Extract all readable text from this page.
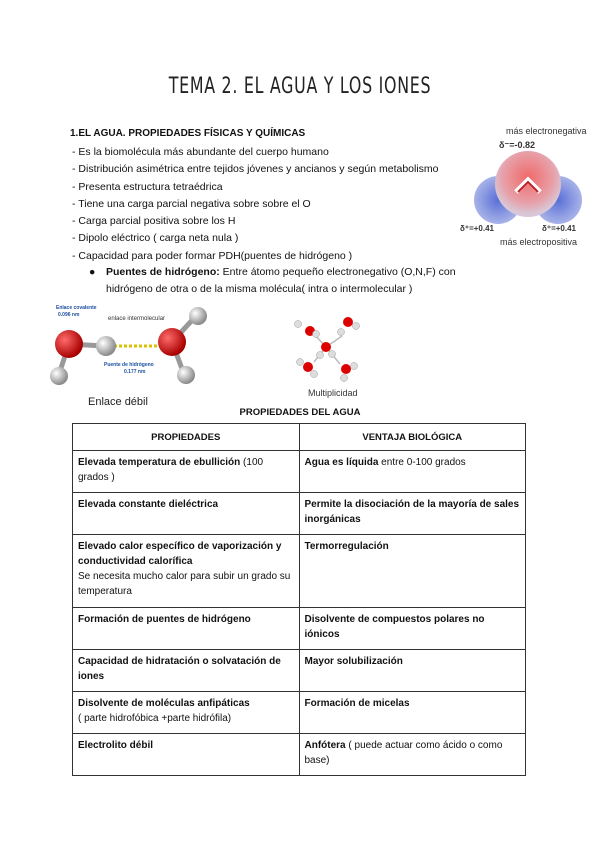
TEMA 2. EL AGUA Y LOS IONES
1.EL AGUA. PROPIEDADES FÍSICAS Y QUÍMICAS
- Es la biomolécula más abundante del cuerpo humano
- Distribución asimétrica entre tejidos jóvenes y ancianos y según metabolismo
- Presenta estructura tetraédrica
- Tiene una carga parcial negativa sobre sobre el O
- Carga parcial positiva sobre los H
- Dipolo eléctrico ( carga neta nula )
- Capacidad para poder formar PDH(puentes de hidrógeno )
●	Puentes de hidrógeno: Entre átomo pequeño electronegativo (O,N,F) con hidrógeno de otra o de la misma molécula( intra o intermolecular )

más electronegativa
δ⁻=-0.82
δ⁺=+0.41	δ⁺=+0.41
más electropositiva
Enlace covalente
0.096 nm
enlace intermolecular
Puente de hidrógeno
0.177 nm
Enlace débil
Multiplicidad
PROPIEDADES DEL AGUA
PROPIEDADES	VENTAJA BIOLÓGICA
Elevada temperatura de ebullición (100 grados )	Agua es líquida entre 0-100 grados
Elevada constante dieléctrica	Permite la disociación de la mayoría de sales inorgánicas

Elevado calor específico de vaporización y conductividad calorífica
Se necesita mucho calor para subir un grado su temperatura	Termorregulación
Formación de puentes de hidrógeno	Disolvente de compuestos polares no iónicos
Capacidad de hidratación o solvatación de iones	Mayor solubilización

Disolvente de moléculas anfipáticas
( parte hidrofóbica +parte hidrófila)	Formación de micelas
Electrolito débil	Anfótera ( puede actuar como ácido o como base)
